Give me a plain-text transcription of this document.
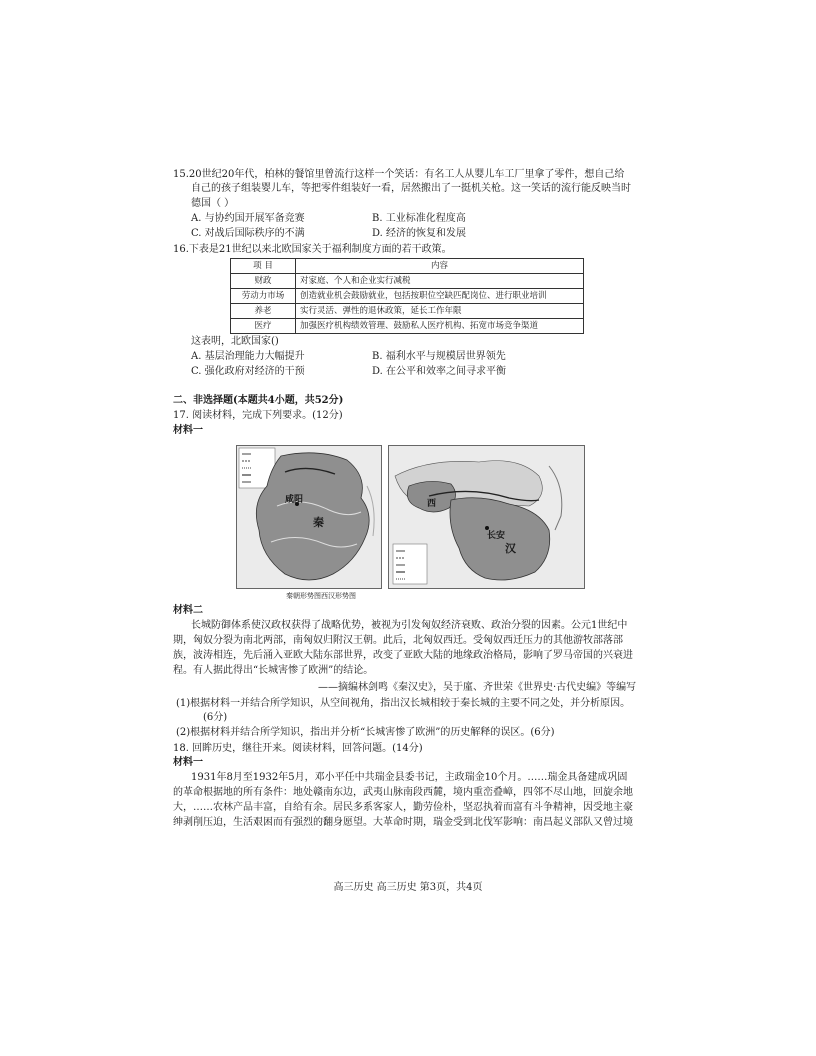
15.20世纪20年代，柏林的餐馆里曾流行这样一个笑话：有名工人从婴儿车工厂里拿了零件，想自己给
自己的孩子组装婴儿车，等把零件组装好一看，居然搬出了一挺机关枪。这一笑话的流行能反映当时
德国（ ）
A. 与协约国开展军备竞赛	B. 工业标准化程度高
C. 对战后国际秩序的不满	D. 经济的恢复和发展
16.下表是21世纪以来北欧国家关于福利制度方面的若干政策。
项 目	内容
财政	对家庭、个人和企业实行减税
劳动力市场	创造就业机会鼓励就业，包括按职位空缺匹配岗位、进行职业培训
养老	实行灵活、弹性的退休政策，延长工作年限
医疗	加强医疗机构绩效管理、鼓励私人医疗机构、拓宽市场竞争渠道
这表明，北欧国家()
A. 基层治理能力大幅提升	B. 福利水平与规模居世界领先
C. 强化政府对经济的干预	D. 在公平和效率之间寻求平衡
二、非选择题(本题共4小题，共52分)
17. 阅读材料，完成下列要求。(12分)
材料一
咸阳
秦
西
长安
汉
秦朝形势图西汉形势图
材料二
长城防御体系使汉政权获得了战略优势，被视为引发匈奴经济衰败、政治分裂的因素。公元1世纪中
期，匈奴分裂为南北两部，南匈奴归附汉王朝。此后，北匈奴西迁。受匈奴西迁压力的其他游牧部落部
族，波涛相连，先后涌入亚欧大陆东部世界，改变了亚欧大陆的地缘政治格局，影响了罗马帝国的兴衰进
程。有人据此得出“长城害惨了欧洲”的结论。
——摘编林剑鸣《秦汉史》，吴于廑、齐世荣《世界史·古代史编》等编写
(1)根据材料一并结合所学知识，从空间视角，指出汉长城相较于秦长城的主要不同之处，并分析原因。
(6分)
(2)根据材料并结合所学知识，指出并分析“长城害惨了欧洲”的历史解释的误区。(6分)
18. 回眸历史，继往开来。阅读材料，回答问题。(14分)
材料一
1931年8月至1932年5月，邓小平任中共瑞金县委书记，主政瑞金10个月。……瑞金具备建成巩固
的革命根据地的所有条件：地处赣南东边，武夷山脉南段西麓，境内重峦叠嶂，四邻不尽山地，回旋余地
大，……农林产品丰富，自给有余。居民多系客家人，勤劳俭朴，坚忍执着而富有斗争精神，因受地主豪
绅剥削压迫，生活艰困而有强烈的翻身愿望。大革命时期，瑞金受到北伐军影响：南昌起义部队又曾过境
高三历史 高三历史 第3页，共4页
